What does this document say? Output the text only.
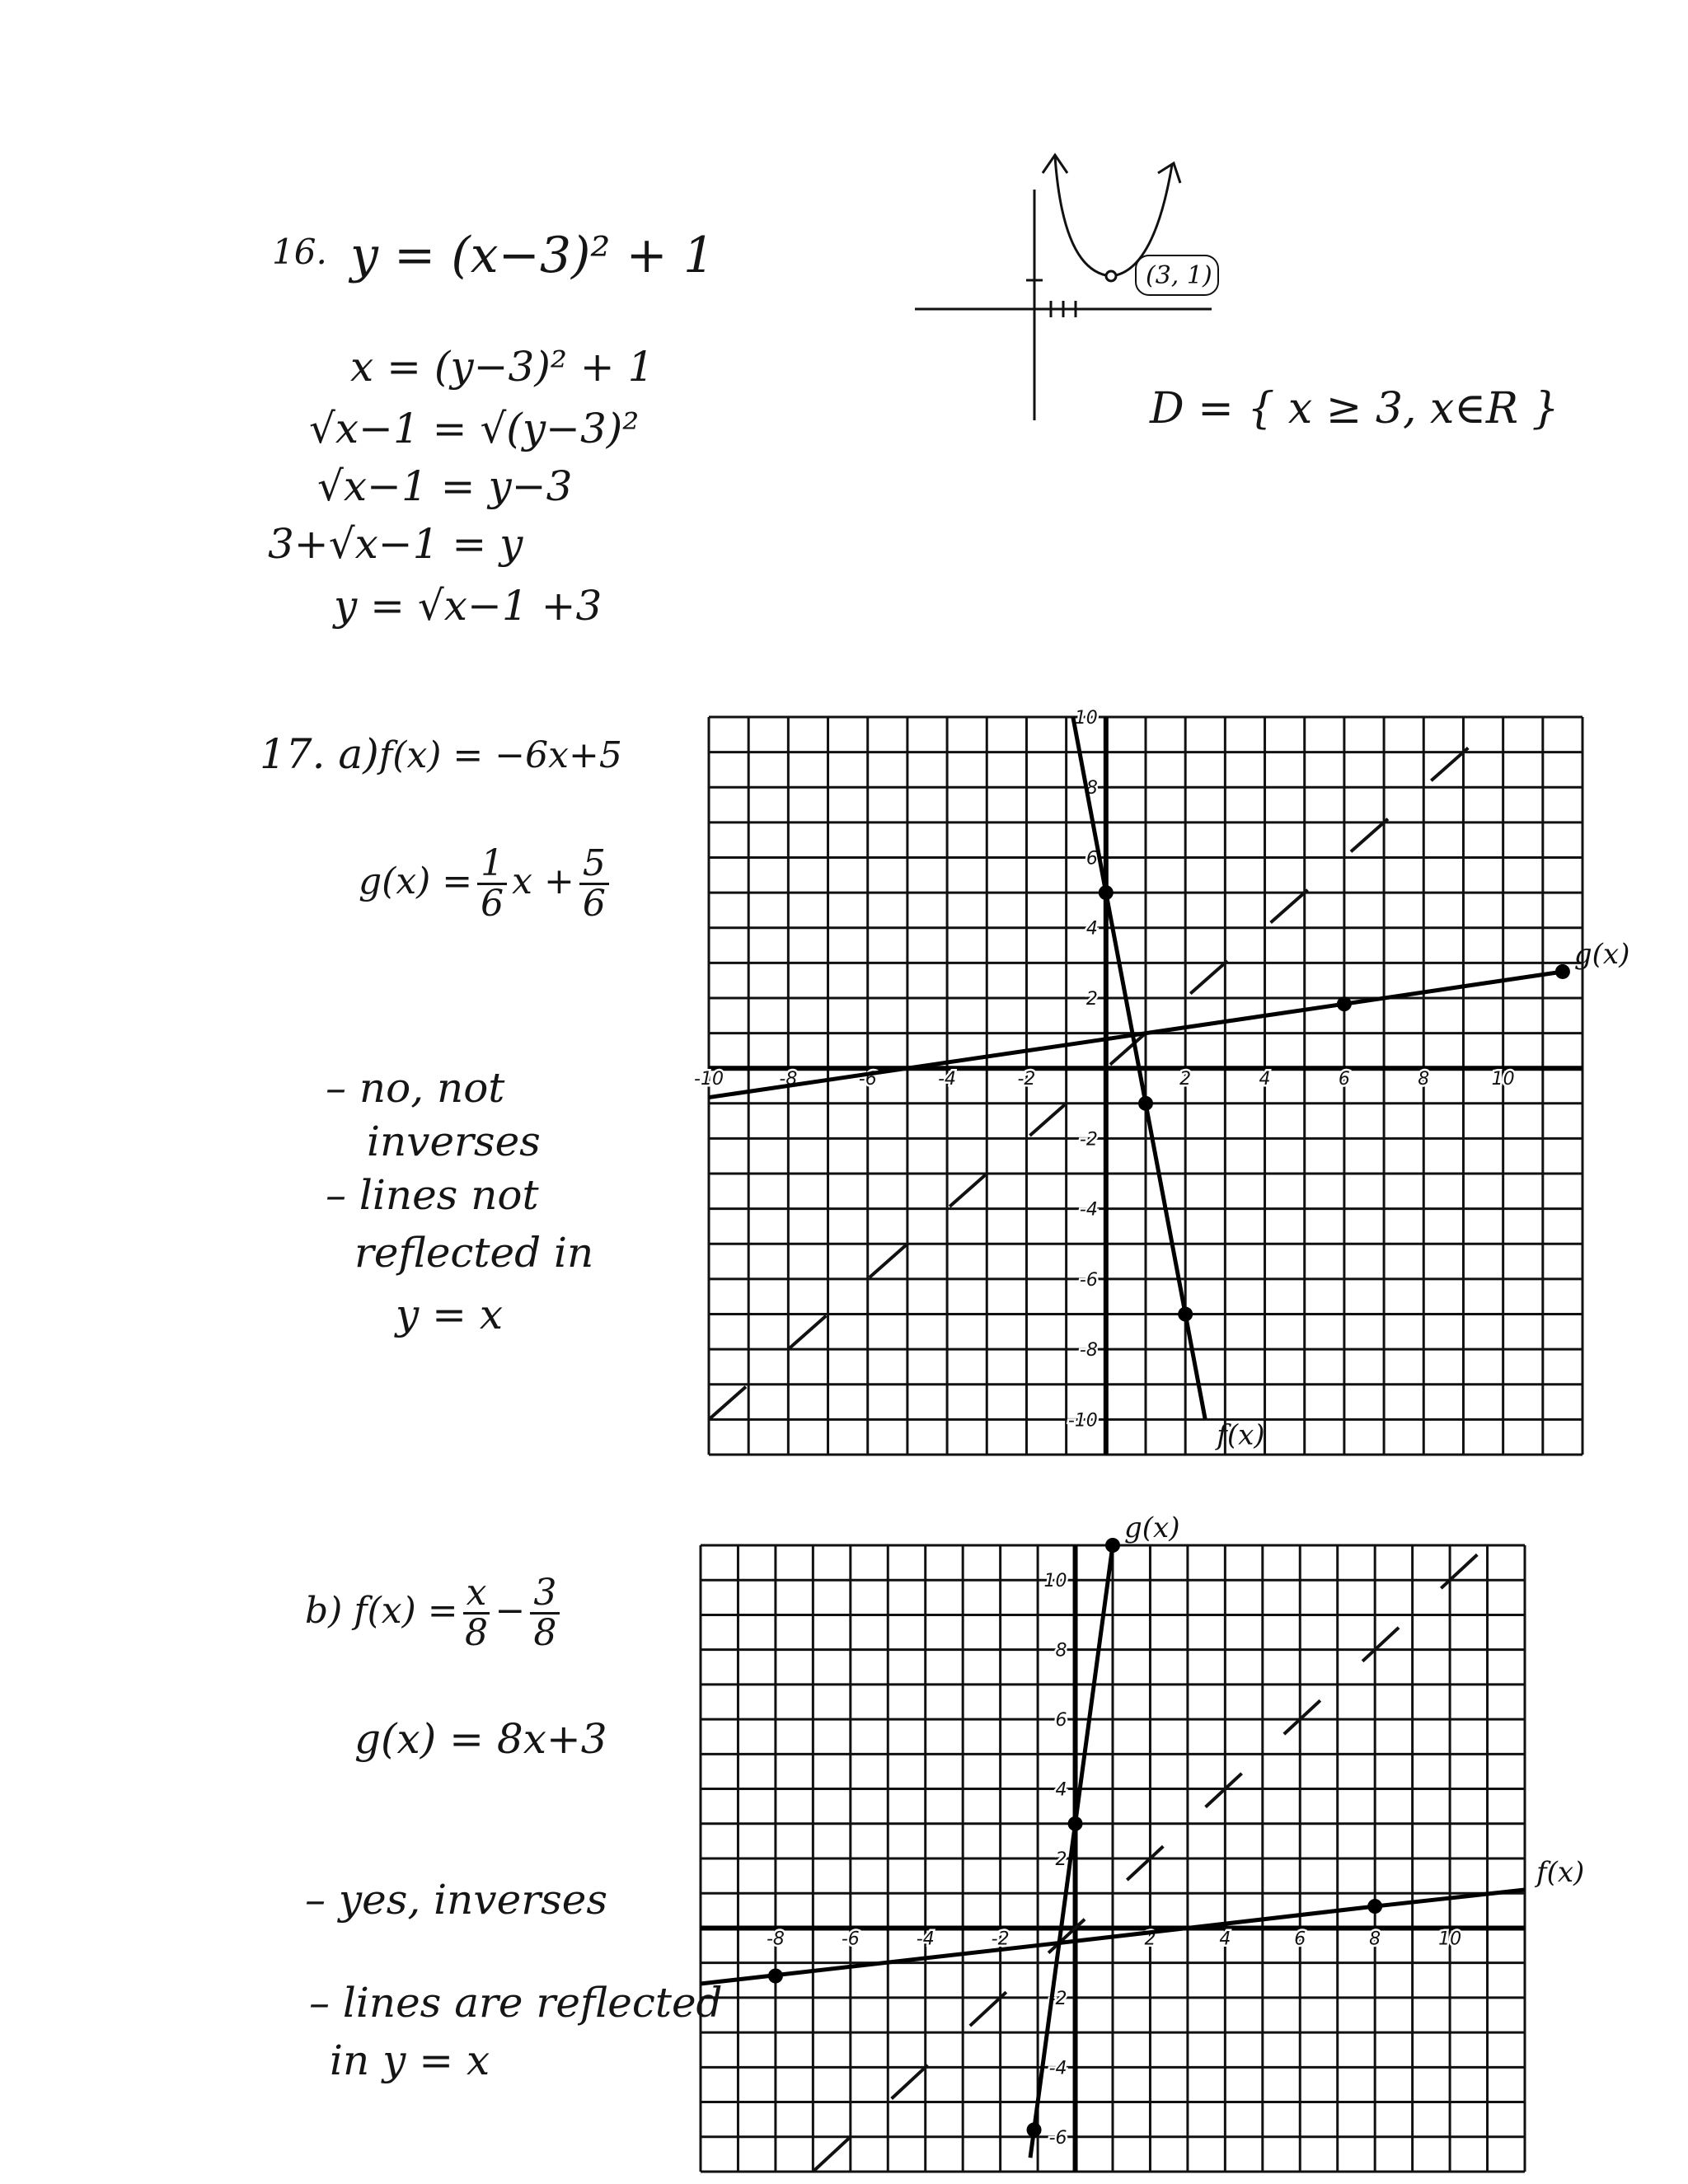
16. y = (x−3)² + 1
x = (y−3)² + 1
√x−1 = √(y−3)²
√x−1 = y−3
3+√x−1 = y
y = √x−1 +3
(3, 1)
D = { x ≥ 3, x∈R }
17. a) f(x) = −6x+5
$g(x) = \frac{1}{6}$ $x + \frac{5}{6}$
– no, not
inverses
– lines not
reflected in
y = x
-10	-8	-6	-4	-2	2	4	6	8	10
10
8
6
4
2
-2
-4
-6
-8
-10	f(x)
g(x)
b) $f(x) = \frac{x}{8} - \frac{3}{8}$
g(x) = 8x+3
– yes, inverses
– lines are reflected
in y = x
-8	-6	-4	-2	2	4	6	8	10
10
8
6
4
2
-2
-4
-6
g(x)
f(x)
